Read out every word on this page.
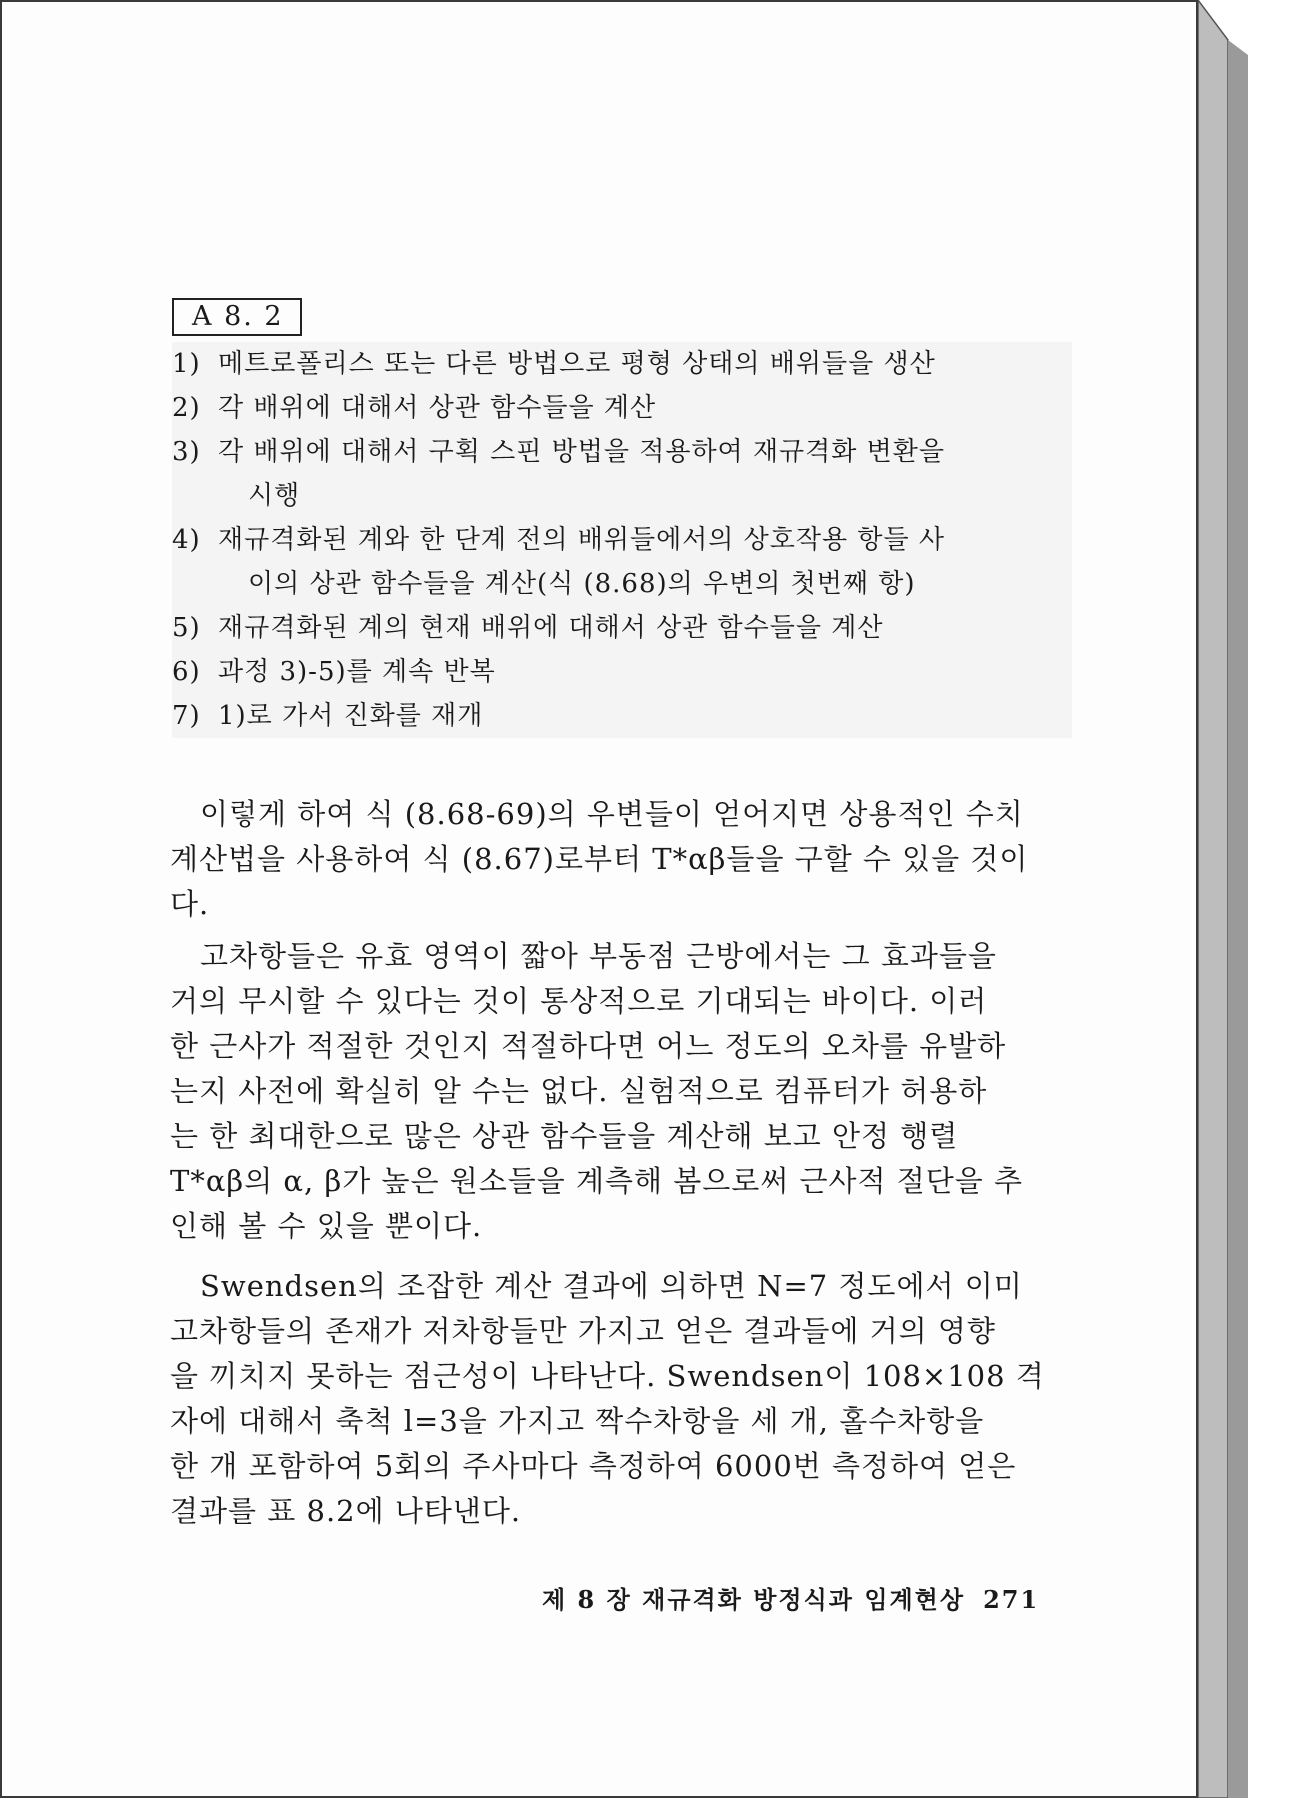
A 8. 2
1) 메트로폴리스 또는 다른 방법으로 평형 상태의 배위들을 생산
2) 각 배위에 대해서 상관 함수들을 계산
3) 각 배위에 대해서 구획 스핀 방법을 적용하여 재규격화 변환을
시행
4) 재규격화된 계와 한 단계 전의 배위들에서의 상호작용 항들 사
이의 상관 함수들을 계산(식 (8.68)의 우변의 첫번째 항)
5) 재규격화된 계의 현재 배위에 대해서 상관 함수들을 계산
6) 과정 3)-5)를 계속 반복
7) 1)로 가서 진화를 재개
이렇게 하여 식 (8.68-69)의 우변들이 얻어지면 상용적인 수치
계산법을 사용하여 식 (8.67)로부터 T*αβ들을 구할 수 있을 것이
다.
고차항들은 유효 영역이 짧아 부동점 근방에서는 그 효과들을
거의 무시할 수 있다는 것이 통상적으로 기대되는 바이다. 이러
한 근사가 적절한 것인지 적절하다면 어느 정도의 오차를 유발하
는지 사전에 확실히 알 수는 없다. 실험적으로 컴퓨터가 허용하
는 한 최대한으로 많은 상관 함수들을 계산해 보고 안정 행렬
T*αβ의 α, β가 높은 원소들을 계측해 봄으로써 근사적 절단을 추
인해 볼 수 있을 뿐이다.
Swendsen의 조잡한 계산 결과에 의하면 N=7 정도에서 이미
고차항들의 존재가 저차항들만 가지고 얻은 결과들에 거의 영향
을 끼치지 못하는 점근성이 나타난다. Swendsen이 108×108 격
자에 대해서 축척 l=3을 가지고 짝수차항을 세 개, 홀수차항을
한 개 포함하여 5회의 주사마다 측정하여 6000번 측정하여 얻은
결과를 표 8.2에 나타낸다.
제 8 장 재규격화 방정식과 임계현상 271
